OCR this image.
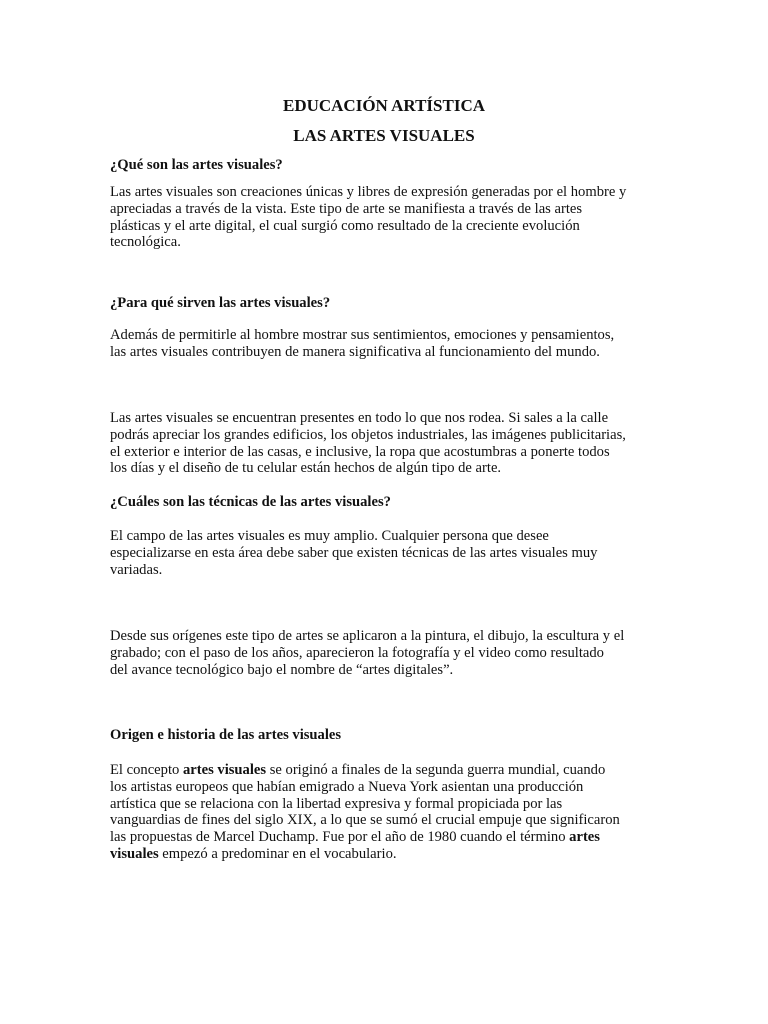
EDUCACIÓN ARTÍSTICA
LAS ARTES VISUALES
¿Qué son las artes visuales?
Las artes visuales son creaciones únicas y libres de expresión generadas por el hombre y
apreciadas a través de la vista. Este tipo de arte se manifiesta a través de las artes
plásticas y el arte digital, el cual surgió como resultado de la creciente evolución
tecnológica.
¿Para qué sirven las artes visuales?
Además de permitirle al hombre mostrar sus sentimientos, emociones y pensamientos,
las artes visuales contribuyen de manera significativa al funcionamiento del mundo.
Las artes visuales se encuentran presentes en todo lo que nos rodea. Si sales a la calle
podrás apreciar los grandes edificios, los objetos industriales, las imágenes publicitarias,
el exterior e interior de las casas, e inclusive, la ropa que acostumbras a ponerte todos
los días y el diseño de tu celular están hechos de algún tipo de arte.
¿Cuáles son las técnicas de las artes visuales?
El campo de las artes visuales es muy amplio. Cualquier persona que desee
especializarse en esta área debe saber que existen técnicas de las artes visuales muy
variadas.
Desde sus orígenes este tipo de artes se aplicaron a la pintura, el dibujo, la escultura y el
grabado; con el paso de los años, aparecieron la fotografía y el video como resultado
del avance tecnológico bajo el nombre de “artes digitales”.
Origen e historia de las artes visuales
El concepto artes visuales se originó a finales de la segunda guerra mundial, cuando
los artistas europeos que habían emigrado a Nueva York asientan una producción
artística que se relaciona con la libertad expresiva y formal propiciada por las
vanguardias de fines del siglo XIX, a lo que se sumó el crucial empuje que significaron
las propuestas de Marcel Duchamp. Fue por el año de 1980 cuando el término artes
visuales empezó a predominar en el vocabulario.
